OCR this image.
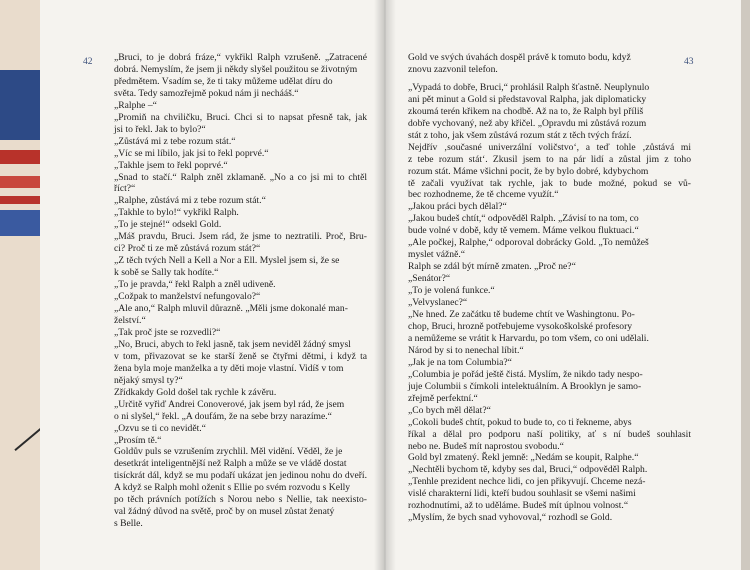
„Bruci, to je dobrá fráze,“ vykřikl Ralph vzrušeně. „Zatracené

dobrá. Nemyslím, že jsem ji někdy slyšel použitou se životným

předmětem. Vsadím se, že ti taky můžeme udělat díru do

světa. Tedy samozřejmě pokud nám ji nechááš.“

„Ralphe –“

„Promiň na chviličku, Bruci. Chci si to napsat přesně tak, jak

jsi to řekl. Jak to bylo?“

„Zůstává mi z tebe rozum stát.“

„Víc se mi líbilo, jak jsi to řekl poprvé.“

„Takhle jsem to řekl poprvé.“

„Snad to stačí.“ Ralph zněl zklamaně. „No a co jsi mi to chtěl

říct?“

„Ralphe, zůstává mi z tebe rozum stát.“

„Takhle to bylo!“ vykřikl Ralph.

„To je stejné!“ odsekl Gold.

„Máš pravdu, Bruci. Jsem rád, že jsme to neztratili. Proč, Bru-

ci? Proč ti ze mě zůstává rozum stát?“

„Z těch tvých Nell a Kell a Nor a Ell. Myslel jsem si, že se

k sobě se Sally tak hodíte.“

„To je pravda,“ řekl Ralph a zněl udiveně.

„Cožpak to manželství nefungovalo?“

„Ale ano,“ Ralph mluvil důrazně. „Měli jsme dokonalé man-

želství.“

„Tak proč jste se rozvedli?“

„No, Bruci, abych to řekl jasně, tak jsem neviděl žádný smysl

v tom, přivazovat se ke starší ženě se čtyřmi dětmi, i když ta

žena byla moje manželka a ty děti moje vlastní. Vidíš v tom

nějaký smysl ty?“

Zřídkakdy Gold došel tak rychle k závěru.

„Určitě vyřiď Andrei Conoverové, jak jsem byl rád, že jsem

o ni slyšel,“ řekl. „A doufám, že na sebe brzy narazíme.“

„Ozvu se ti co nevidět.“

„Prosím tě.“

Goldův puls se vzrušením zrychlil. Měl vidění. Věděl, že je

desetkrát inteligentnější než Ralph a může se ve vládě dostat

tisíckrát dál, když se mu podaří ukázat jen jedinou nohu do dveří.

A když se Ralph mohl oženit s Ellie po svém rozvodu s Kelly

po těch právních potížích s Norou nebo s Nellie, tak neexisto-

val žádný důvod na světě, proč by on musel zůstat ženatý

s Belle.

Gold ve svých úvahách dospěl právě k tomuto bodu, když

znovu zazvonil telefon.

„Vypadá to dobře, Bruci,“ prohlásil Ralph šťastně. Neuplynulo

ani pět minut a Gold si představoval Ralpha, jak diplomaticky

zkoumá terén křikem na chodbě. Až na to, že Ralph byl příliš

dobře vychovaný, než aby křičel. „Opravdu mi zůstává rozum

stát z toho, jak všem zůstává rozum stát z těch tvých frází.

Nejdřív ‚současné univerzální voličstvo‘, a teď tohle ‚zůstává mi

z tebe rozum stát‘. Zkusil jsem to na pár lidí a zůstal jim z toho

rozum stát. Máme všichni pocit, že by bylo dobré, kdybychom

tě začali využívat tak rychle, jak to bude možné, pokud se vů-

bec rozhodneme, že tě chceme využít.“

„Jakou práci bych dělal?“

„Jakou budeš chtít,“ odpověděl Ralph. „Závisí to na tom, co

bude volné v době, kdy tě vemem. Máme velkou fluktuaci.“

„Ale počkej, Ralphe,“ odporoval dobrácky Gold. „To nemůžeš

myslet vážně.“

Ralph se zdál být mírně zmaten. „Proč ne?“

„Senátor?“

„To je volená funkce.“

„Velvyslanec?“

„Ne hned. Ze začátku tě budeme chtít ve Washingtonu. Po-

chop, Bruci, hrozně potřebujeme vysokoškolské profesory

a nemůžeme se vrátit k Harvardu, po tom všem, co oni udělali.

Národ by si to nenechal líbit.“

„Jak je na tom Columbia?“

„Columbia je pořád ještě čistá. Myslím, že nikdo tady nespo-

juje Columbii s čímkoli intelektuálním. A Brooklyn je samo-

zřejmě perfektní.“

„Co bych měl dělat?“

„Cokoli budeš chtít, pokud to bude to, co ti řekneme, abys

říkal a dělal pro podporu naší politiky, ať s ní budeš souhlasit

nebo ne. Budeš mít naprostou svobodu.“

Gold byl zmatený. Řekl jemně: „Nedám se koupit, Ralphe.“

„Nechtěli bychom tě, kdyby ses dal, Bruci,“ odpověděl Ralph.

„Tenhle prezident nechce lidi, co jen přikyvují. Chceme nezá-

vislé charakterní lidi, kteří budou souhlasit se všemi našimi

rozhodnutími, až to uděláme. Budeš mít úplnou volnost.“

„Myslím, že bych snad vyhovoval,“ rozhodl se Gold.

42	43
